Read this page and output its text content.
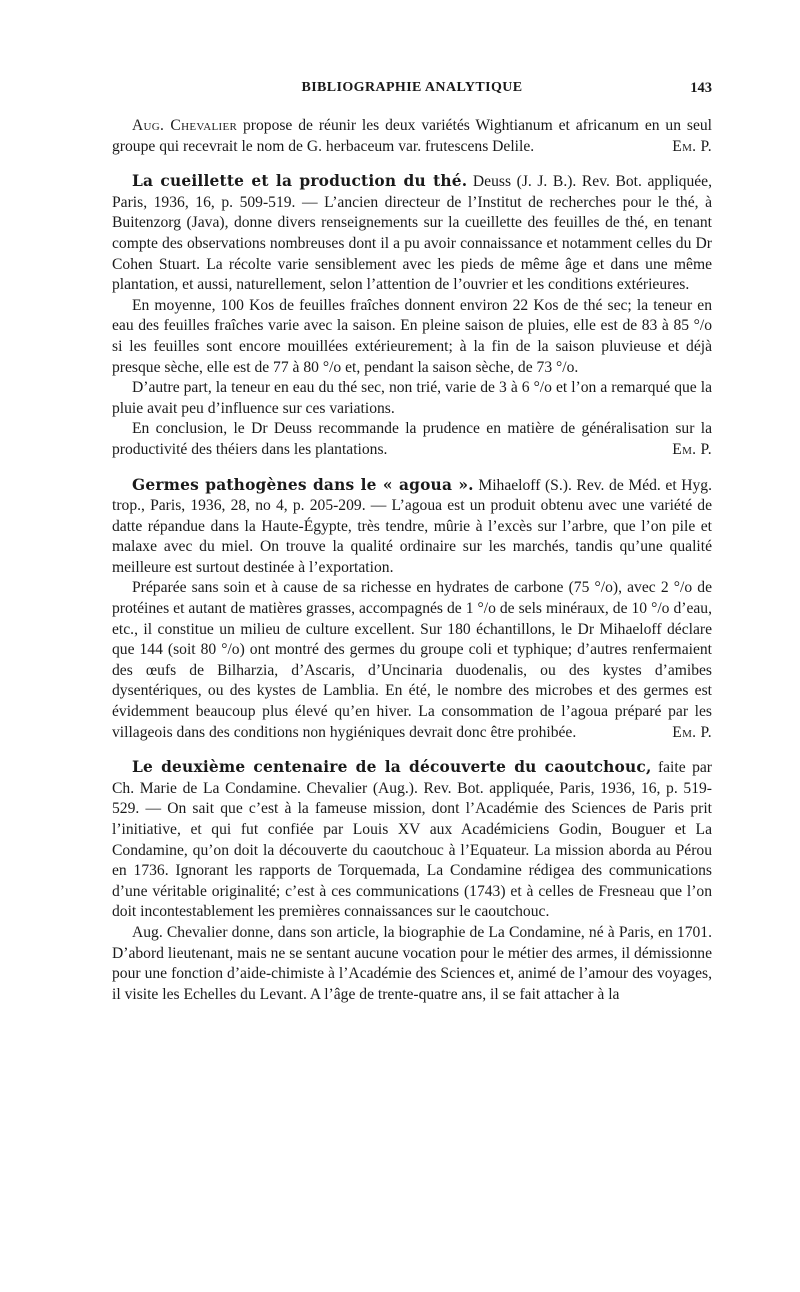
BIBLIOGRAPHIE ANALYTIQUE	143

Aug. Chevalier propose de réunir les deux variétés Wightianum et africanum en un seul groupe qui recevrait le nom de G. herbaceum var. frutescens Delile.	Em. P.

La cueillette et la production du thé. Deuss (J. J. B.). Rev. Bot. appliquée, Paris, 1936, 16, p. 509-519. — L’ancien directeur de l’Institut de recherches pour le thé, à Buitenzorg (Java), donne divers renseignements sur la cueillette des feuilles de thé, en tenant compte des observations nombreuses dont il a pu avoir connaissance et notamment celles du Dr Cohen Stuart. La récolte varie sensiblement avec les pieds de même âge et dans une même plantation, et aussi, naturellement, selon l’attention de l’ouvrier et les conditions extérieures.

En moyenne, 100 Kos de feuilles fraîches donnent environ 22 Kos de thé sec; la teneur en eau des feuilles fraîches varie avec la saison. En pleine saison de pluies, elle est de 83 à 85 °/o si les feuilles sont encore mouillées extérieurement; à la fin de la saison pluvieuse et déjà presque sèche, elle est de 77 à 80 °/o et, pendant la saison sèche, de 73 °/o.

D’autre part, la teneur en eau du thé sec, non trié, varie de 3 à 6 °/o et l’on a remarqué que la pluie avait peu d’influence sur ces variations.

En conclusion, le Dr Deuss recommande la prudence en matière de généralisation sur la productivité des théiers dans les plantations.	Em. P.

Germes pathogènes dans le « agoua ». Mihaeloff (S.). Rev. de Méd. et Hyg. trop., Paris, 1936, 28, no 4, p. 205-209. — L’agoua est un produit obtenu avec une variété de datte répandue dans la Haute-Égypte, très tendre, mûrie à l’excès sur l’arbre, que l’on pile et malaxe avec du miel. On trouve la qualité ordinaire sur les marchés, tandis qu’une qualité meilleure est surtout destinée à l’exportation.

Préparée sans soin et à cause de sa richesse en hydrates de carbone (75 °/o), avec 2 °/o de protéines et autant de matières grasses, accompagnés de 1 °/o de sels minéraux, de 10 °/o d’eau, etc., il constitue un milieu de culture excellent. Sur 180 échantillons, le Dr Mihaeloff déclare que 144 (soit 80 °/o) ont montré des germes du groupe coli et typhique; d’autres renfermaient des œufs de Bilharzia, d’Ascaris, d’Uncinaria duodenalis, ou des kystes d’amibes dysentériques, ou des kystes de Lamblia. En été, le nombre des microbes et des germes est évidemment beaucoup plus élevé qu’en hiver. La consommation de l’agoua préparé par les villageois dans des conditions non hygiéniques devrait donc être prohibée.	Em. P.

Le deuxième centenaire de la découverte du caoutchouc, faite par Ch. Marie de La Condamine. Chevalier (Aug.). Rev. Bot. appliquée, Paris, 1936, 16, p. 519-529. — On sait que c’est à la fameuse mission, dont l’Académie des Sciences de Paris prit l’initiative, et qui fut confiée par Louis XV aux Académiciens Godin, Bouguer et La Condamine, qu’on doit la découverte du caoutchouc à l’Equateur. La mission aborda au Pérou en 1736. Ignorant les rapports de Torquemada, La Condamine rédigea des communications d’une véritable originalité; c’est à ces communications (1743) et à celles de Fresneau que l’on doit incontestablement les premières connaissances sur le caoutchouc.

Aug. Chevalier donne, dans son article, la biographie de La Condamine, né à Paris, en 1701. D’abord lieutenant, mais ne se sentant aucune vocation pour le métier des armes, il démissionne pour une fonction d’aide-chimiste à l’Académie des Sciences et, animé de l’amour des voyages, il visite les Echelles du Levant. A l’âge de trente-quatre ans, il se fait attacher à la
